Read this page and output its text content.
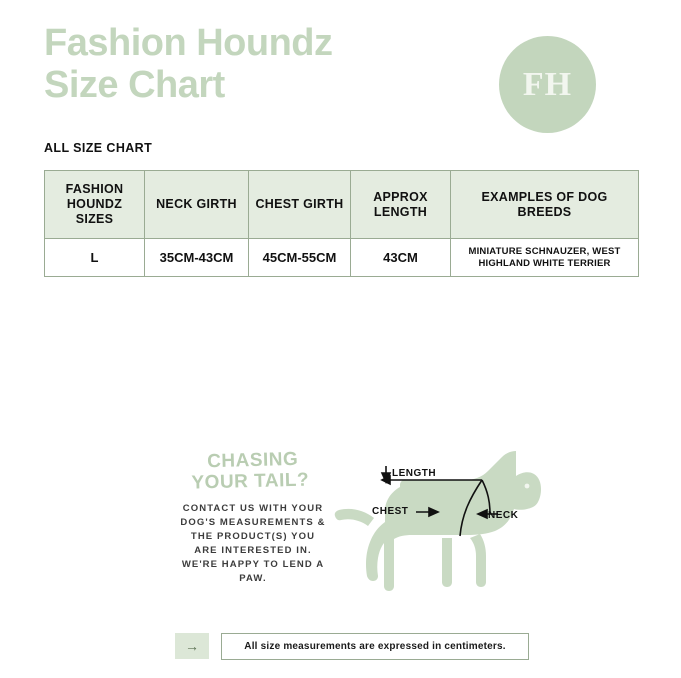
Fashion Houndz
Size Chart	FH
ALL SIZE CHART
FASHION HOUNDZ SIZES	NECK GIRTH	CHEST GIRTH	APPROX LENGTH	EXAMPLES OF DOG BREEDS
L	35CM-43CM	45CM-55CM	43CM	MINIATURE SCHNAUZER, WEST HIGHLAND WHITE TERRIER
CHASING
YOUR TAIL?
CONTACT US WITH YOUR DOG'S MEASUREMENTS & THE PRODUCT(S) YOU ARE INTERESTED IN. WE'RE HAPPY TO LEND A PAW.
LENGTH
CHEST	NECK
→	All size measurements are expressed in centimeters.
